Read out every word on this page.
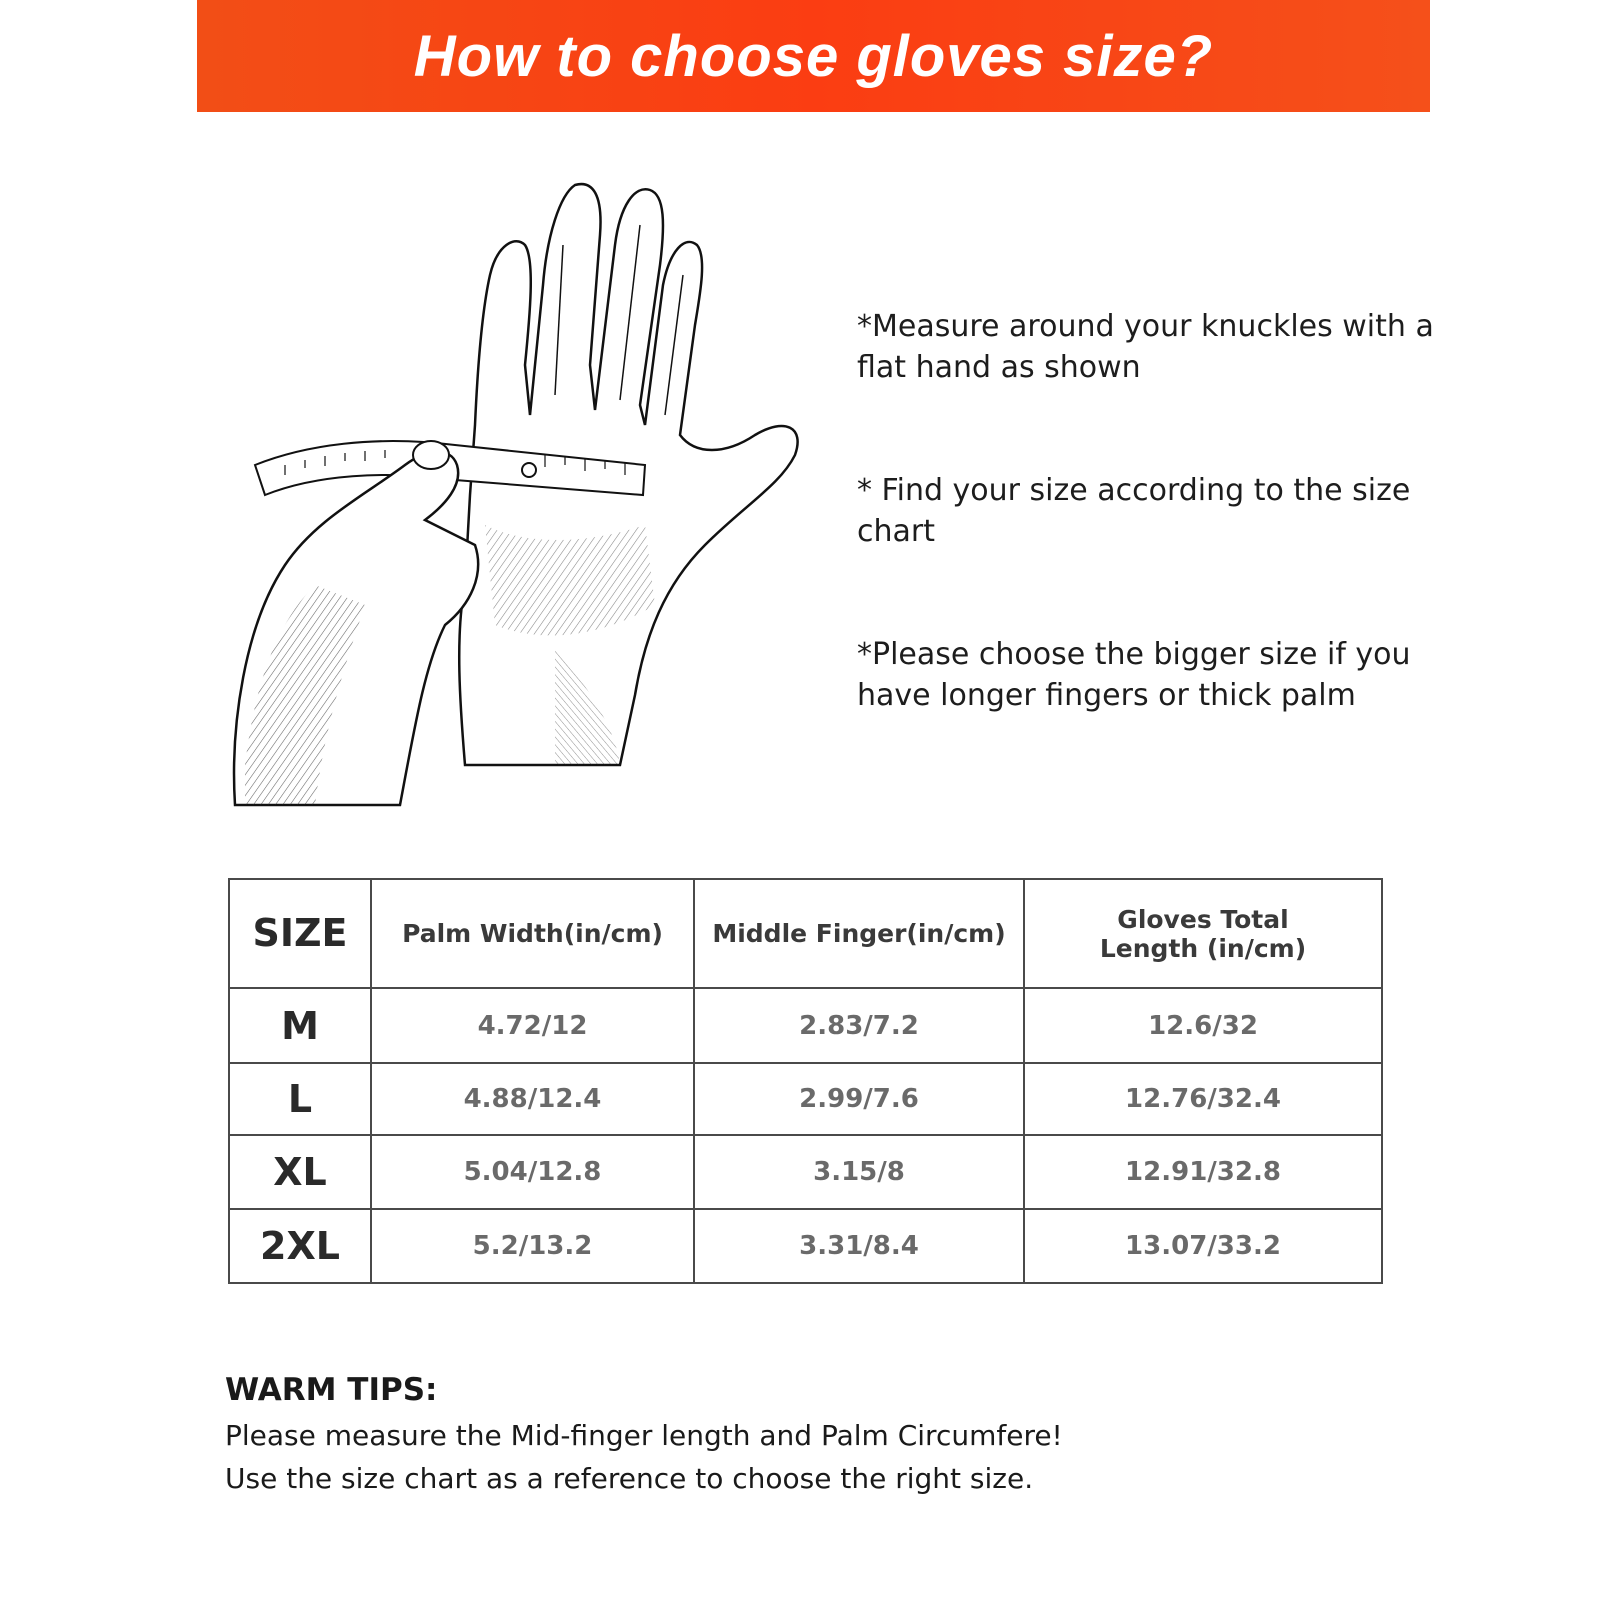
How to choose gloves size?

*Measure around your knuckles with a flat hand as shown

* Find your size according to the size chart

*Please choose the bigger size if you have longer fingers or thick palm

SIZE	Palm Width(in/cm)	Middle Finger(in/cm)	Gloves Total Length (in/cm)
M	4.72/12	2.83/7.2	12.6/32
L	4.88/12.4	2.99/7.6	12.76/32.4
XL	5.04/12.8	3.15/8	12.91/32.8
2XL	5.2/13.2	3.31/8.4	13.07/33.2

WARM TIPS:

Please measure the Mid-finger length and Palm Circumfere!

Use the size chart as a reference to choose the right size.
